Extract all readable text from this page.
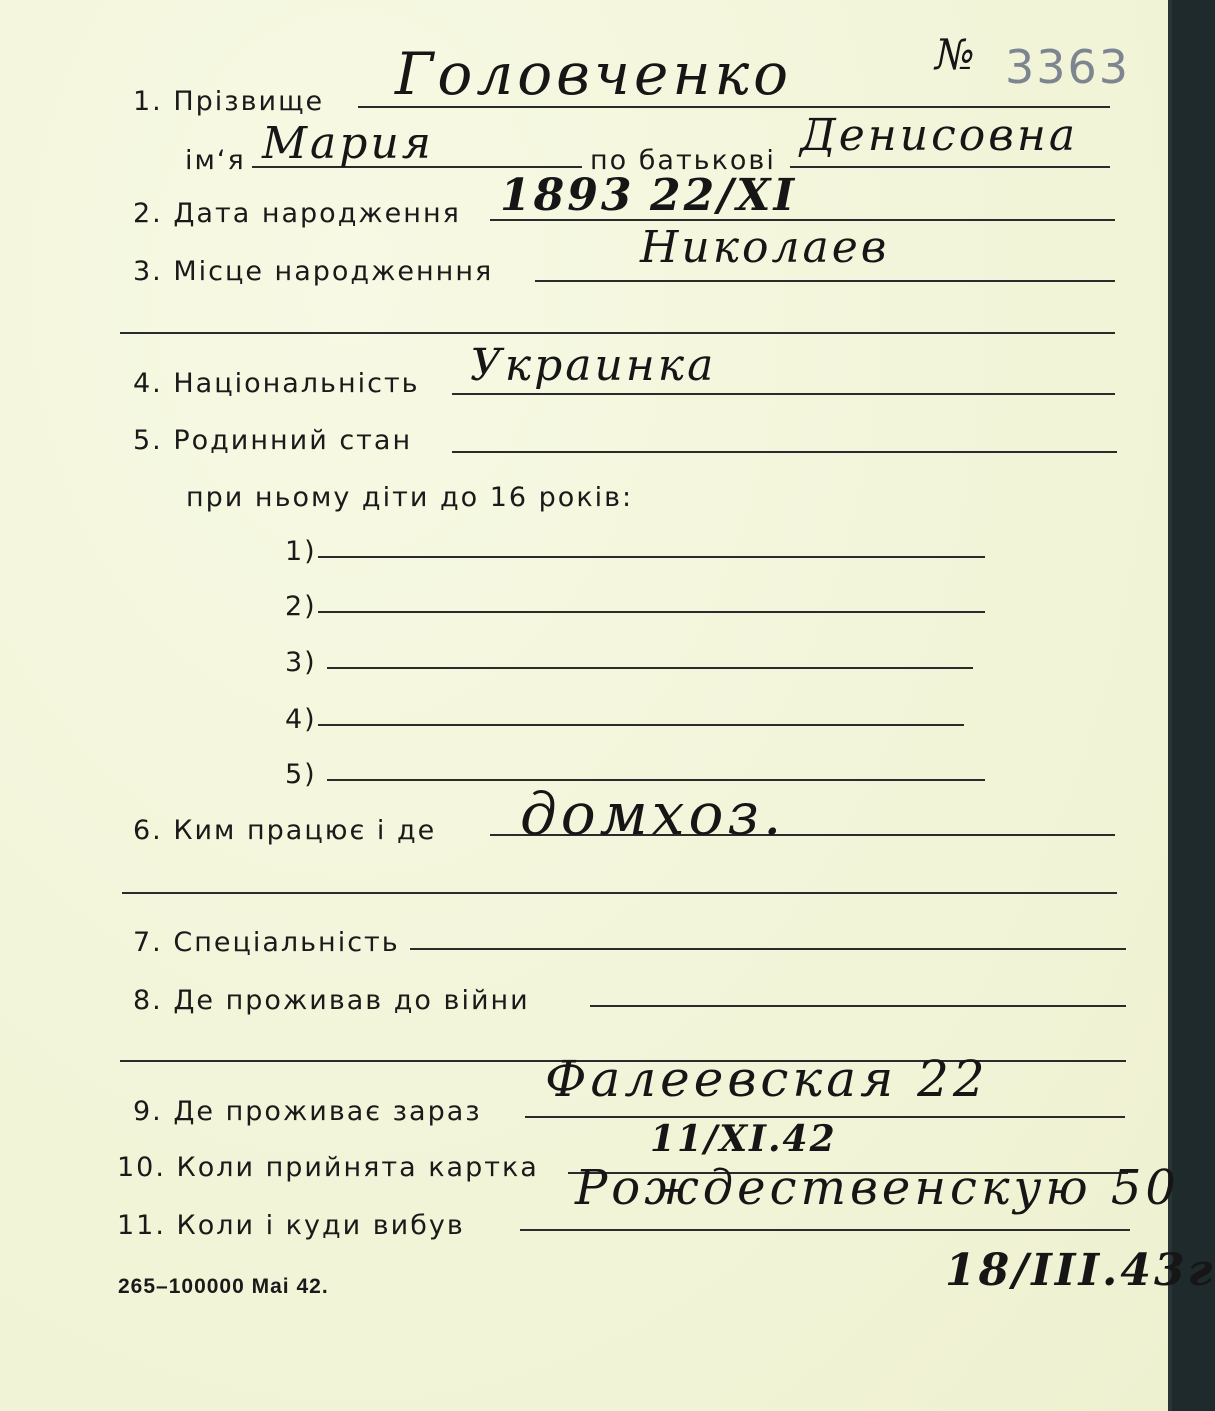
№ 3363
1. Прізвище Головченко
ім‘я Мария	по батькові Денисовна
2. Дата народження 1893 22/XI
3. Місце народженння	Николаев
4. Національність Украинка
5. Родинний стан
при ньому діти до 16 років:
1)
2)
3)
4)
5)
6. Ким працює і де домхоз.
7. Спеціальність
8. Де проживав до війни
9. Де проживає зараз
Фалеевская 22
10. Коли прийнята картка
11/XI.42
11. Коли і куди вибув
Рождественскую 50
18/III.43г
265–100000 Mai 42.
